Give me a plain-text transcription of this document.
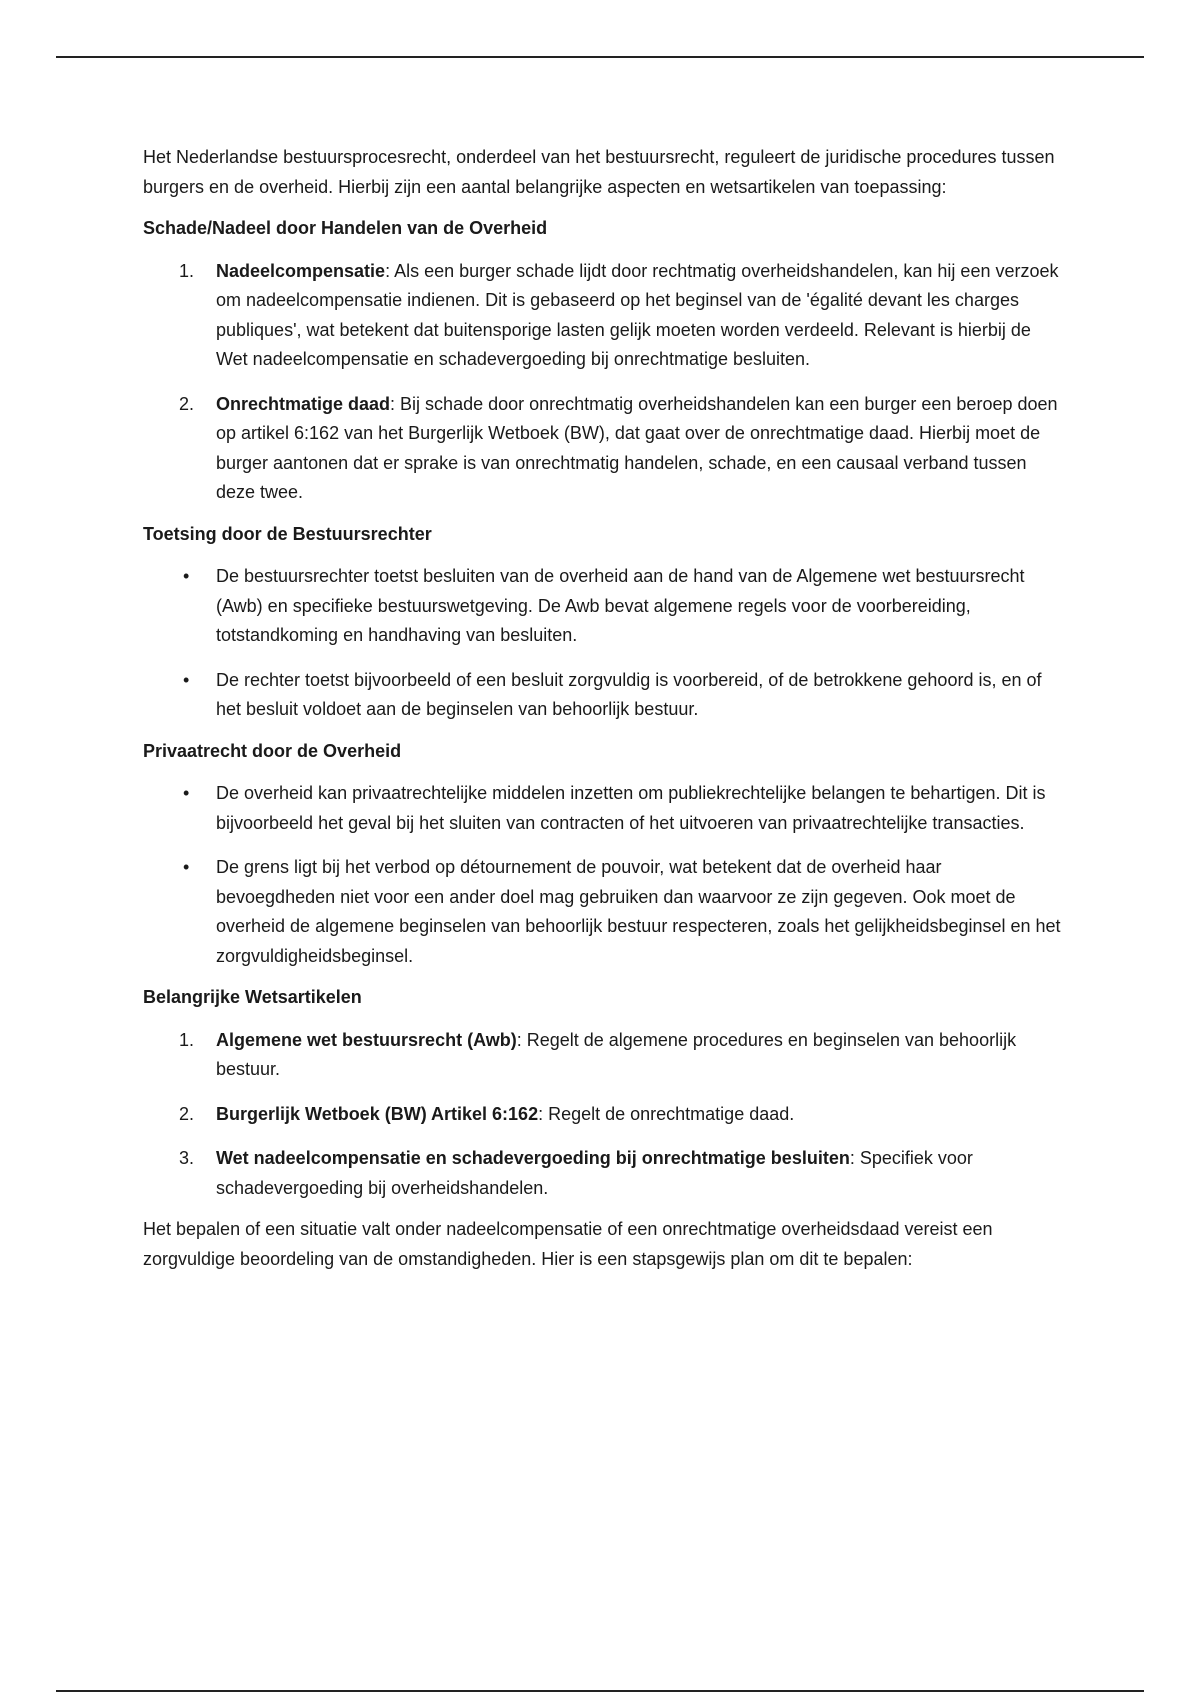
Het Nederlandse bestuursprocesrecht, onderdeel van het bestuursrecht, reguleert de juridische procedures tussen burgers en de overheid. Hierbij zijn een aantal belangrijke aspecten en wetsartikelen van toepassing:

Schade/Nadeel door Handelen van de Overheid
1. Nadeelcompensatie: Als een burger schade lijdt door rechtmatig overheidshandelen, kan hij een verzoek om nadeelcompensatie indienen. Dit is gebaseerd op het beginsel van de 'égalité devant les charges publiques', wat betekent dat buitensporige lasten gelijk moeten worden verdeeld. Relevant is hierbij de Wet nadeelcompensatie en schadevergoeding bij onrechtmatige besluiten.
2. Onrechtmatige daad: Bij schade door onrechtmatig overheidshandelen kan een burger een beroep doen op artikel 6:162 van het Burgerlijk Wetboek (BW), dat gaat over de onrechtmatige daad. Hierbij moet de burger aantonen dat er sprake is van onrechtmatig handelen, schade, en een causaal verband tussen deze twee.
Toetsing door de Bestuursrechter
• De bestuursrechter toetst besluiten van de overheid aan de hand van de Algemene wet bestuursrecht (Awb) en specifieke bestuurswetgeving. De Awb bevat algemene regels voor de voorbereiding, totstandkoming en handhaving van besluiten.
• De rechter toetst bijvoorbeeld of een besluit zorgvuldig is voorbereid, of de betrokkene gehoord is, en of het besluit voldoet aan de beginselen van behoorlijk bestuur.
Privaatrecht door de Overheid
• De overheid kan privaatrechtelijke middelen inzetten om publiekrechtelijke belangen te behartigen. Dit is bijvoorbeeld het geval bij het sluiten van contracten of het uitvoeren van privaatrechtelijke transacties.
• De grens ligt bij het verbod op détournement de pouvoir, wat betekent dat de overheid haar bevoegdheden niet voor een ander doel mag gebruiken dan waarvoor ze zijn gegeven. Ook moet de overheid de algemene beginselen van behoorlijk bestuur respecteren, zoals het gelijkheidsbeginsel en het zorgvuldigheidsbeginsel.
Belangrijke Wetsartikelen
1. Algemene wet bestuursrecht (Awb): Regelt de algemene procedures en beginselen van behoorlijk bestuur.
2. Burgerlijk Wetboek (BW) Artikel 6:162: Regelt de onrechtmatige daad.
3. Wet nadeelcompensatie en schadevergoeding bij onrechtmatige besluiten: Specifiek voor schadevergoeding bij overheidshandelen.

Het bepalen of een situatie valt onder nadeelcompensatie of een onrechtmatige overheidsdaad vereist een zorgvuldige beoordeling van de omstandigheden. Hier is een stapsgewijs plan om dit te bepalen:
